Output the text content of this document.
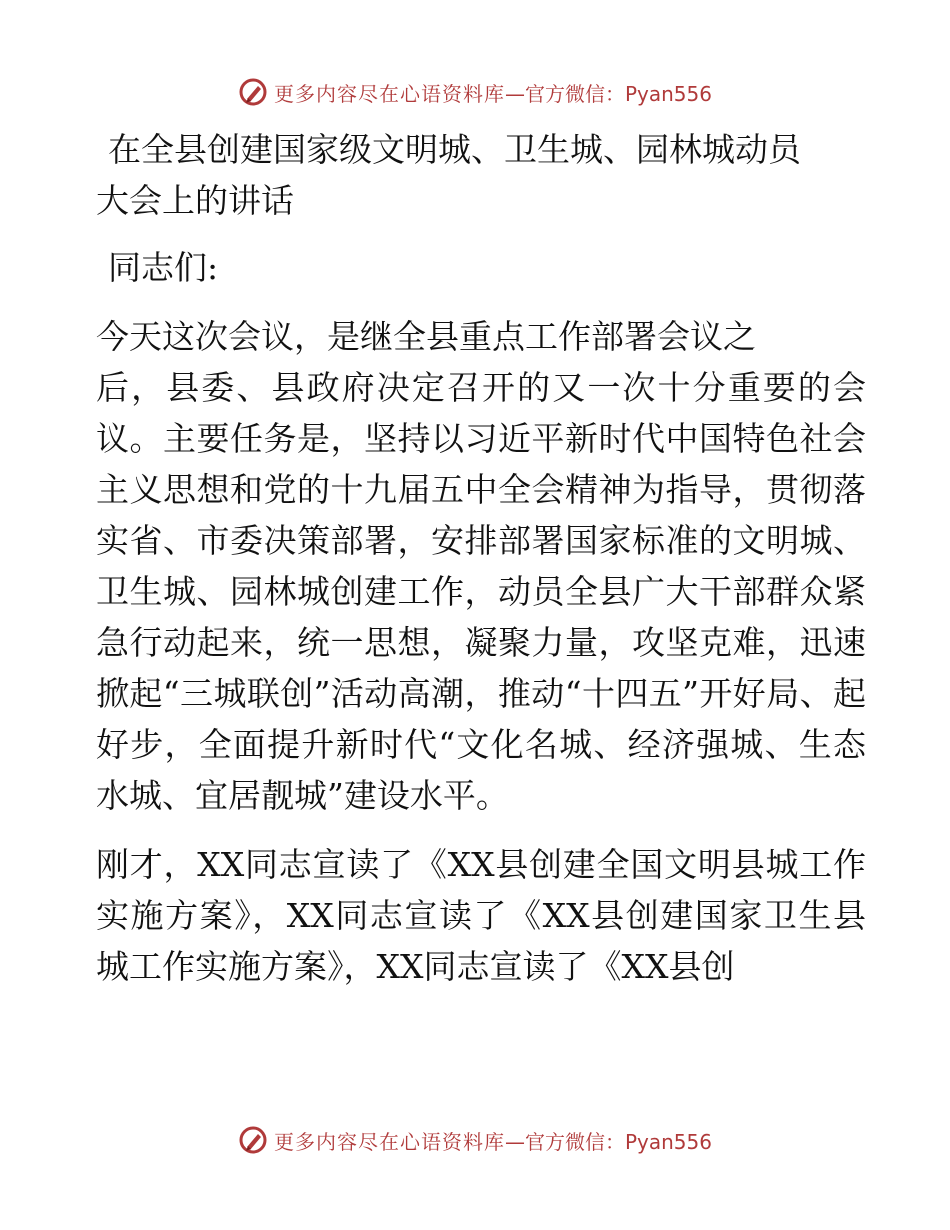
更多内容尽在心语资料库 —官方微信：Pyan556
在全县创建国家级文明城、卫生城、园林城动员
大会上的讲话

同志们:

今天这次会议，是继全县重点工作部署会议之
后，县委、县政府决定召开的又一次十分重要的会议。主要任务是，坚持以习近平新时代中国特色社会主义思想和党的十九届五中全会精神为指导，贯彻落实省、市委决策部署，安排部署国家标准的文明城、卫生城、园林城创建工作，动员全县广大干部群众紧急行动起来，统一思想，凝聚力量，攻坚克难，迅速掀起“三城联创”活动高潮，推动“十四五”开好局、起好步，全面提升新时代“文化名城、经济强城、生态水城、宜居靓城”建设水平。

刚才，XX同志宣读了《XX县创建全国文明县城工作实施方案》，XX同志宣读了《XX县创建国家卫生县城工作实施方案》，XX同志宣读了《XX县创

更多内容尽在心语资料库 —官方微信：Pyan556
